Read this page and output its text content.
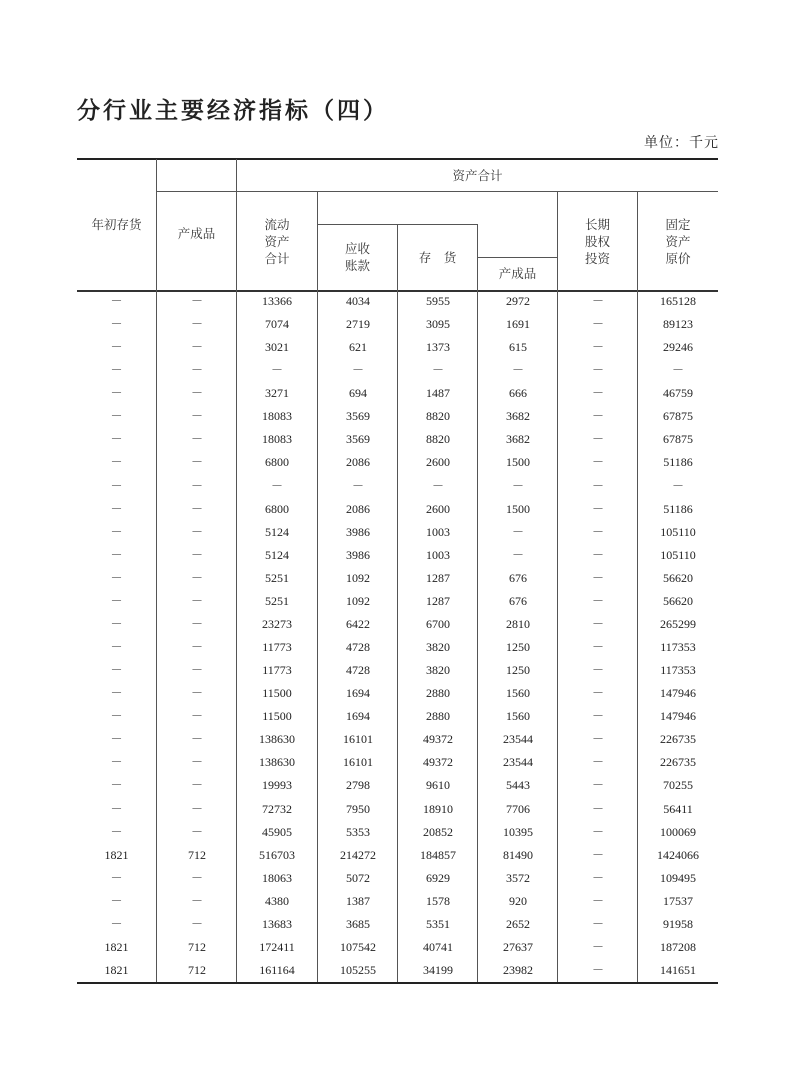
分行业主要经济指标（四）
单位：千元
年初存货
产成品
资产合计
流动
资产
合计
应收
账款
存　货
产成品
长期
股权
投资
固定
资产
原价
－	－	13366	4034	5955	2972	－	165128
－	－	7074	2719	3095	1691	－	89123
－	－	3021	621	1373	615	－	29246
－	－	－	－	－	－	－	－
－	－	3271	694	1487	666	－	46759
－	－	18083	3569	8820	3682	－	67875
－	－	18083	3569	8820	3682	－	67875
－	－	6800	2086	2600	1500	－	51186
－	－	－	－	－	－	－	－
－	－	6800	2086	2600	1500	－	51186
－	－	5124	3986	1003	－	－	105110
－	－	5124	3986	1003	－	－	105110
－	－	5251	1092	1287	676	－	56620
－	－	5251	1092	1287	676	－	56620
－	－	23273	6422	6700	2810	－	265299
－	－	11773	4728	3820	1250	－	117353
－	－	11773	4728	3820	1250	－	117353
－	－	11500	1694	2880	1560	－	147946
－	－	11500	1694	2880	1560	－	147946
－	－	138630	16101	49372	23544	－	226735
－	－	138630	16101	49372	23544	－	226735
－	－	19993	2798	9610	5443	－	70255
－	－	72732	7950	18910	7706	－	56411
－	－	45905	5353	20852	10395	－	100069
1821	712	516703	214272	184857	81490	－	1424066
－	－	18063	5072	6929	3572	－	109495
－	－	4380	1387	1578	920	－	17537
－	－	13683	3685	5351	2652	－	91958
1821	712	172411	107542	40741	27637	－	187208
1821	712	161164	105255	34199	23982	－	141651
